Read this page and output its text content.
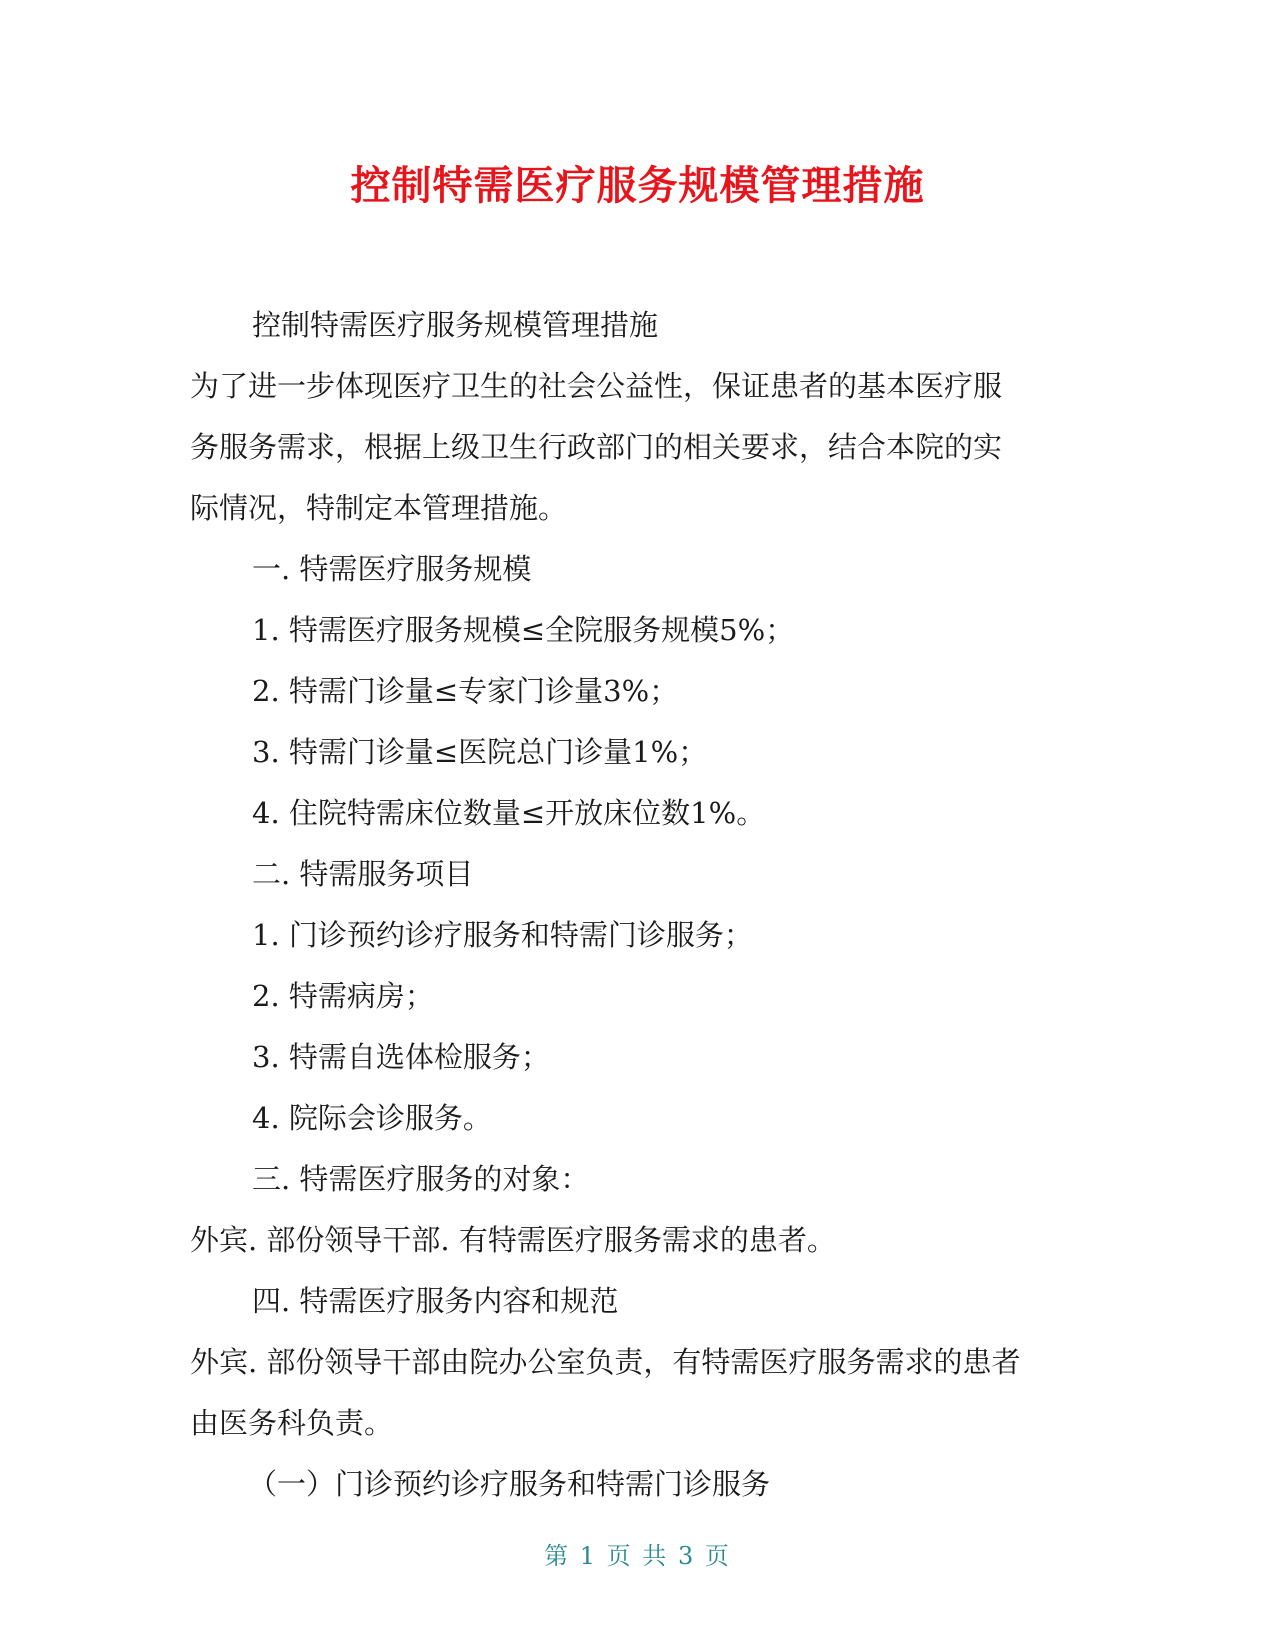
控制特需医疗服务规模管理措施

控制特需医疗服务规模管理措施

为了进一步体现医疗卫生的社会公益性，保证患者的基本医疗服

务服务需求，根据上级卫生行政部门的相关要求，结合本院的实

际情况，特制定本管理措施。

一. 特需医疗服务规模

1. 特需医疗服务规模≤全院服务规模5%；

2. 特需门诊量≤专家门诊量3%；

3. 特需门诊量≤医院总门诊量1%；

4. 住院特需床位数量≤开放床位数1%。

二. 特需服务项目

1. 门诊预约诊疗服务和特需门诊服务；

2. 特需病房；

3. 特需自选体检服务；

4. 院际会诊服务。

三. 特需医疗服务的对象：

外宾. 部份领导干部. 有特需医疗服务需求的患者。

四. 特需医疗服务内容和规范

外宾. 部份领导干部由院办公室负责，有特需医疗服务需求的患者

由医务科负责。

（一）门诊预约诊疗服务和特需门诊服务

第 1 页 共 3 页
